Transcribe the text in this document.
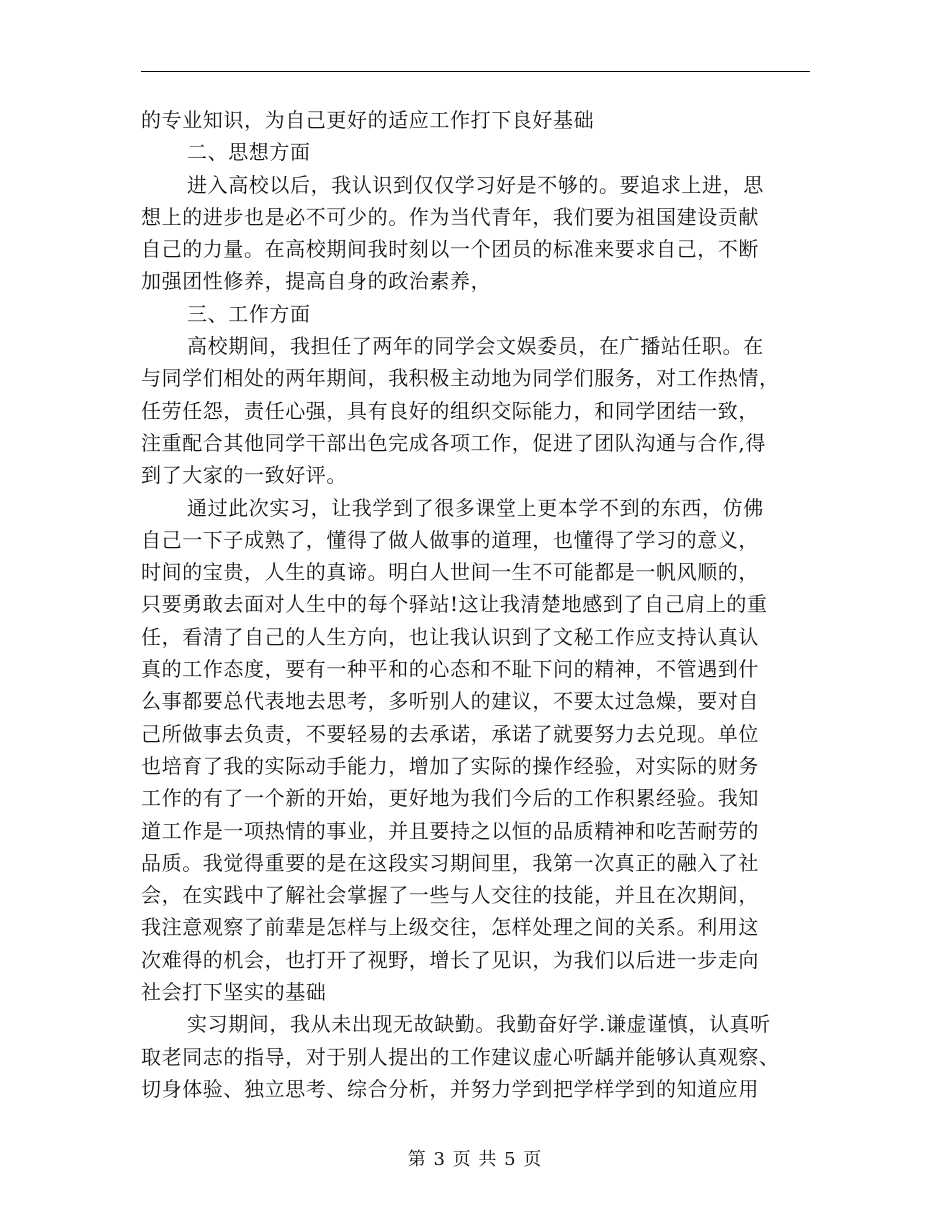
的专业知识，为自己更好的适应工作打下良好基础
二、思想方面
进入高校以后，我认识到仅仅学习好是不够的。要追求上进，思
想上的进步也是必不可少的。作为当代青年，我们要为祖国建设贡献
自己的力量。在高校期间我时刻以一个团员的标准来要求自己，不断
加强团性修养，提高自身的政治素养，
三、工作方面
高校期间，我担任了两年的同学会文娱委员，在广播站任职。在
与同学们相处的两年期间，我积极主动地为同学们服务，对工作热情，
任劳任怨，责任心强，具有良好的组织交际能力，和同学团结一致，
注重配合其他同学干部出色完成各项工作，促进了团队沟通与合作,得
到了大家的一致好评。
通过此次实习，让我学到了很多课堂上更本学不到的东西，仿佛
自己一下子成熟了，懂得了做人做事的道理，也懂得了学习的意义，
时间的宝贵，人生的真谛。明白人世间一生不可能都是一帆风顺的，
只要勇敢去面对人生中的每个驿站!这让我清楚地感到了自己肩上的重
任，看清了自己的人生方向，也让我认识到了文秘工作应支持认真认
真的工作态度，要有一种平和的心态和不耻下问的精神，不管遇到什
么事都要总代表地去思考，多听别人的建议，不要太过急燥，要对自
己所做事去负责，不要轻易的去承诺，承诺了就要努力去兑现。单位
也培育了我的实际动手能力，增加了实际的操作经验，对实际的财务
工作的有了一个新的开始，更好地为我们今后的工作积累经验。我知
道工作是一项热情的事业，并且要持之以恒的品质精神和吃苦耐劳的
品质。我觉得重要的是在这段实习期间里，我第一次真正的融入了社
会，在实践中了解社会掌握了一些与人交往的技能，并且在次期间，
我注意观察了前辈是怎样与上级交往，怎样处理之间的关系。利用这
次难得的机会，也打开了视野，增长了见识，为我们以后进一步走向
社会打下坚实的基础
实习期间，我从未出现无故缺勤。我勤奋好学.谦虚谨慎，认真听
取老同志的指导，对于别人提出的工作建议虚心听龋并能够认真观察、
切身体验、独立思考、综合分析，并努力学到把学样学到的知道应用
第 3 页 共 5 页
